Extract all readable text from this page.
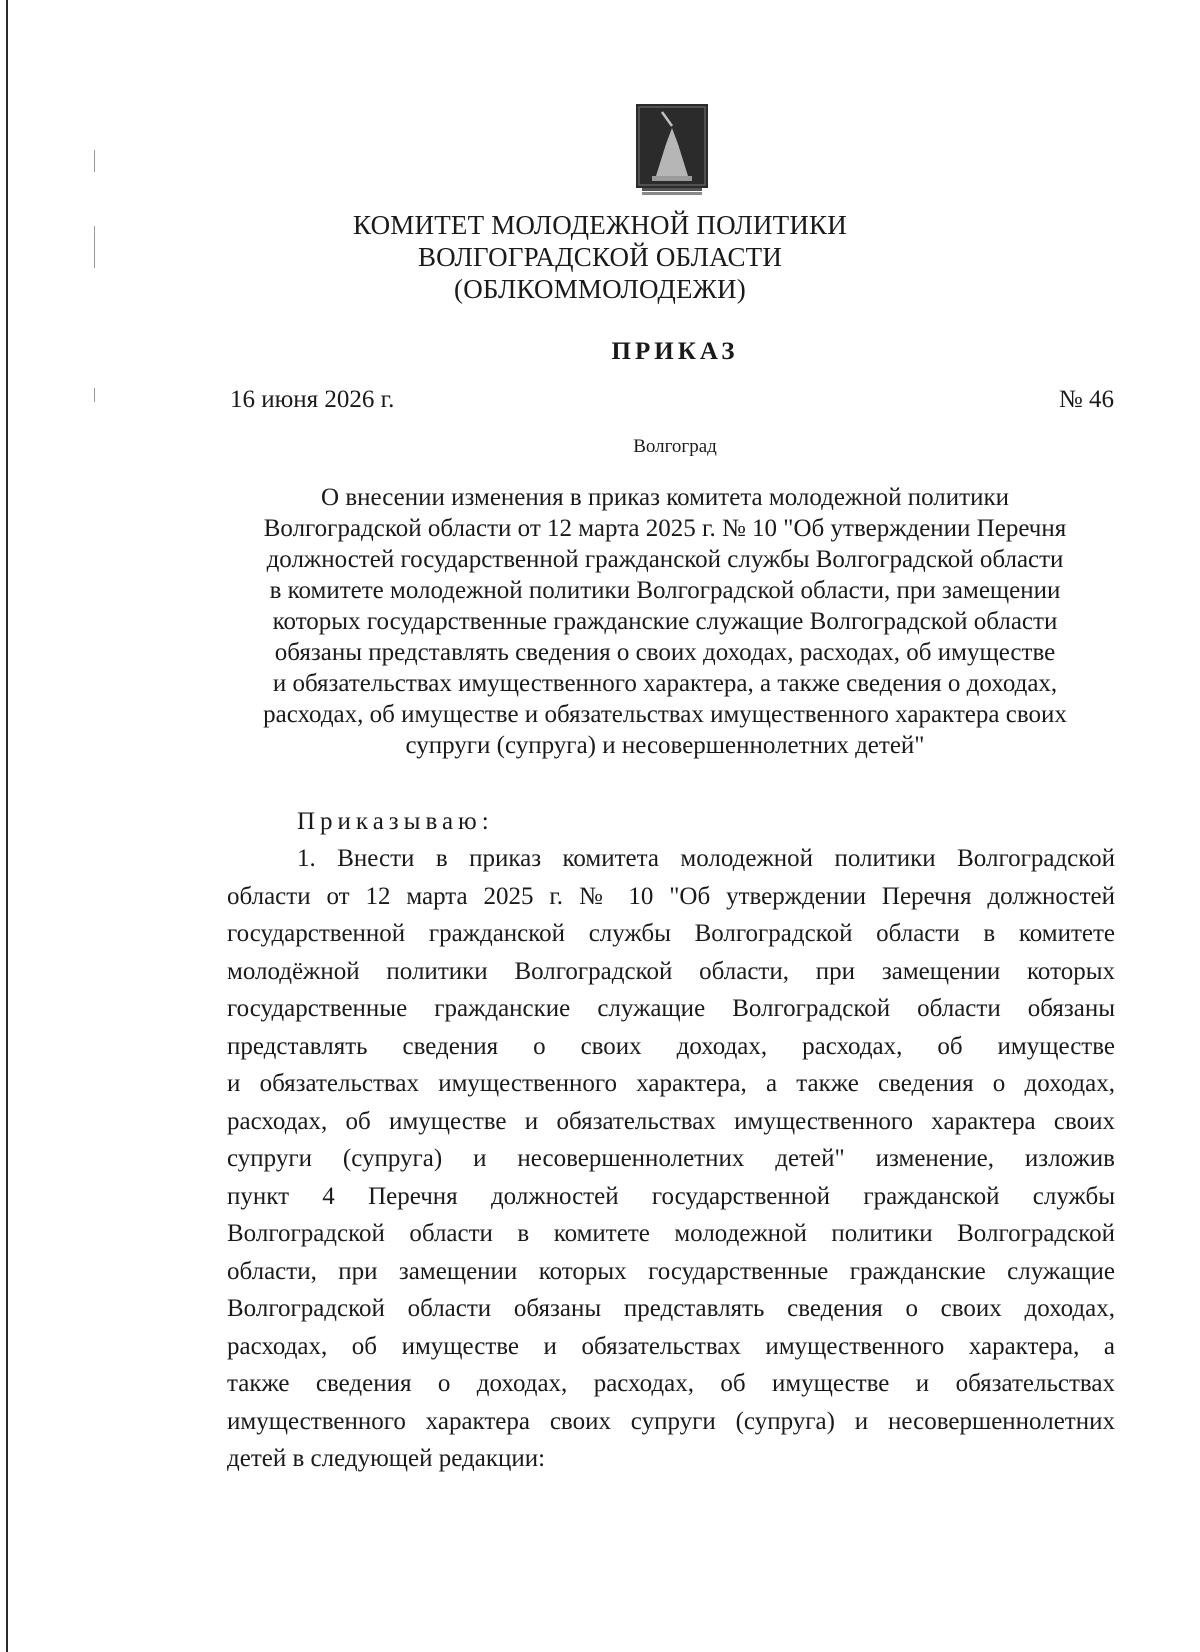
КОМИТЕТ МОЛОДЕЖНОЙ ПОЛИТИКИ
ВОЛГОГРАДСКОЙ ОБЛАСТИ
(ОБЛКОММОЛОДЕЖИ)
ПРИКАЗ
16 июня 2026 г.	№ 46
Волгоград
О внесении изменения в приказ комитета молодежной политики
Волгоградской области от 12 марта 2025 г. № 10 "Об утверждении Перечня
должностей государственной гражданской службы Волгоградской области
в комитете молодежной политики Волгоградской области, при замещении
которых государственные гражданские служащие Волгоградской области
обязаны представлять сведения о своих доходах, расходах, об имуществе
и обязательствах имущественного характера, а также сведения о доходах,
расходах, об имуществе и обязательствах имущественного характера своих
супруги (супруга) и несовершеннолетних детей"
Приказываю:
1. Внести в приказ комитета молодежной политики Волгоградской
области от 12 марта 2025 г. № 10 "Об утверждении Перечня должностей
государственной гражданской службы Волгоградской области в комитете
молодёжной политики Волгоградской области, при замещении которых
государственные гражданские служащие Волгоградской области обязаны
представлять сведения о своих доходах, расходах, об имуществе
и обязательствах имущественного характера, а также сведения о доходах,
расходах, об имуществе и обязательствах имущественного характера своих
супруги (супруга) и несовершеннолетних детей" изменение, изложив
пункт 4 Перечня должностей государственной гражданской службы
Волгоградской области в комитете молодежной политики Волгоградской
области, при замещении которых государственные гражданские служащие
Волгоградской области обязаны представлять сведения о своих доходах,
расходах, об имуществе и обязательствах имущественного характера, а
также сведения о доходах, расходах, об имуществе и обязательствах
имущественного характера своих супруги (супруга) и несовершеннолетних
детей в следующей редакции:
